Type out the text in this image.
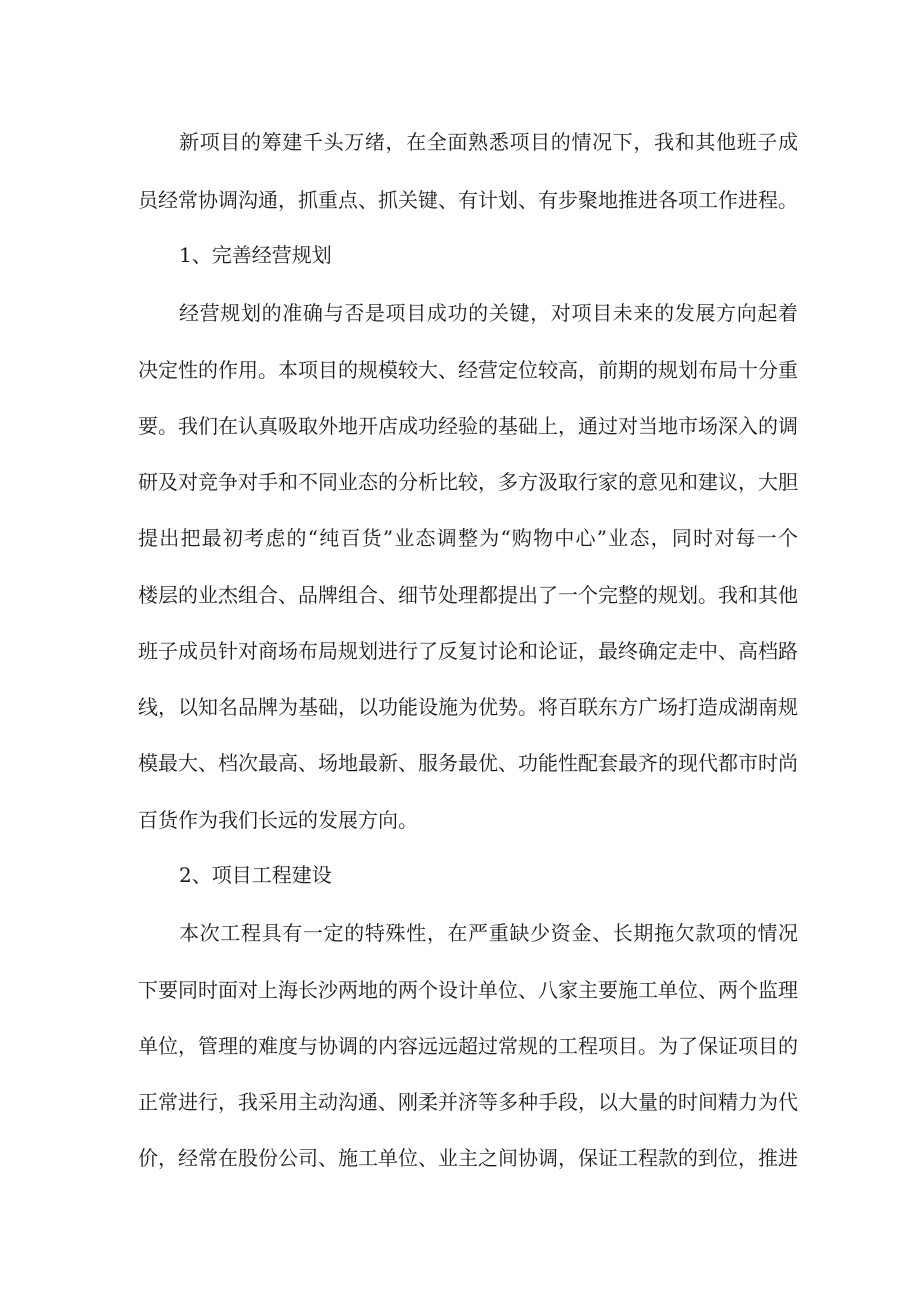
新项目的筹建千头万绪，在全面熟悉项目的情况下，我和其他班子成
员经常协调沟通，抓重点、抓关键、有计划、有步聚地推进各项工作进程。
1、完善经营规划
经营规划的准确与否是项目成功的关键，对项目未来的发展方向起着
决定性的作用。本项目的规模较大、经营定位较高，前期的规划布局十分重
要。我们在认真吸取外地开店成功经验的基础上，通过对当地市场深入的调
研及对竞争对手和不同业态的分析比较，多方汲取行家的意见和建议，大胆
提出把最初考虑的“纯百货”业态调整为“购物中心”业态，同时对每一个
楼层的业杰组合、品牌组合、细节处理都提出了一个完整的规划。我和其他
班子成员针对商场布局规划进行了反复讨论和论证，最终确定走中、高档路
线，以知名品牌为基础，以功能设施为优势。将百联东方广场打造成湖南规
模最大、档次最高、场地最新、服务最优、功能性配套最齐的现代都市时尚
百货作为我们长远的发展方向。
2、项目工程建设
本次工程具有一定的特殊性，在严重缺少资金、长期拖欠款项的情况
下要同时面对上海长沙两地的两个设计单位、八家主要施工单位、两个监理
单位，管理的难度与协调的内容远远超过常规的工程项目。为了保证项目的
正常进行，我采用主动沟通、刚柔并济等多种手段，以大量的时间精力为代
价，经常在股份公司、施工单位、业主之间协调，保证工程款的到位，推进
